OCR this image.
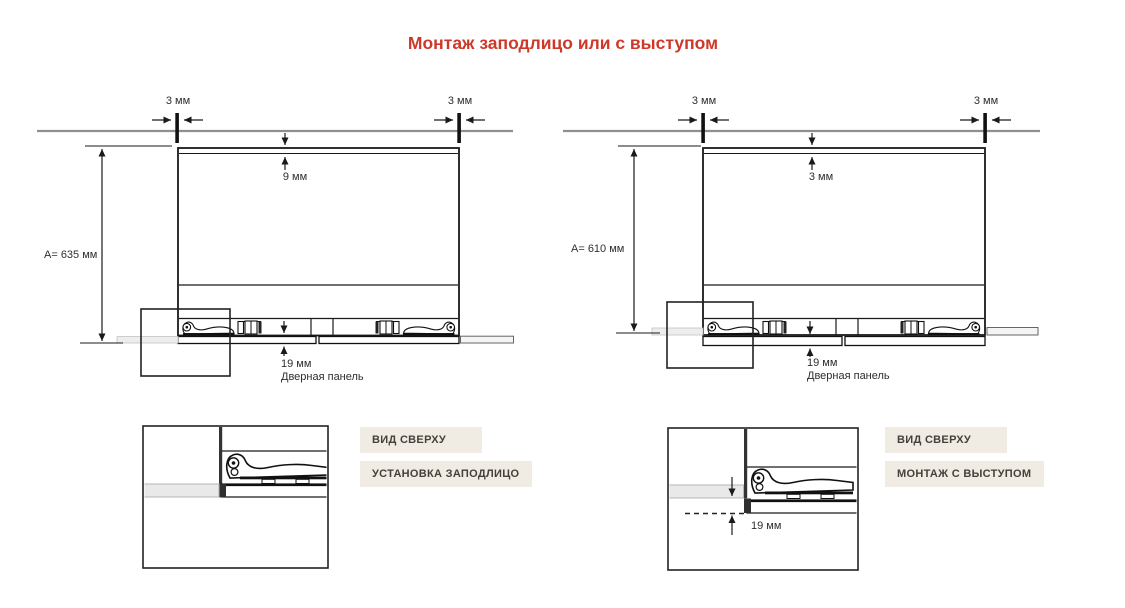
Монтаж заподлицо или с выступом
3 мм	3 мм
9 мм
A= 635 мм
19 мм
Дверная панель
3 мм	3 мм
3 мм
A= 610 мм
19 мм
Дверная панель
19 мм
ВИД СВЕРХУ
УСТАНОВКА ЗАПОДЛИЦО
ВИД СВЕРХУ
МОНТАЖ С ВЫСТУПОМ
